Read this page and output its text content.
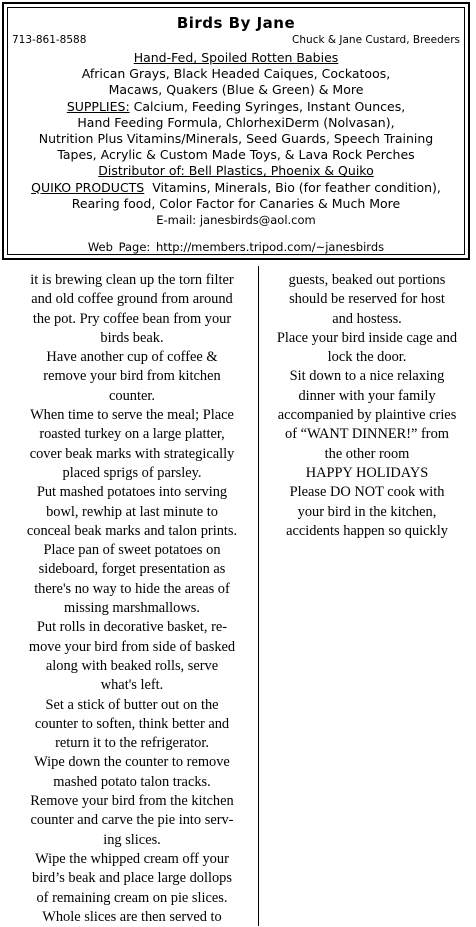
Birds By Jane
713-861-8588	Chuck & Jane Custard, Breeders
Hand-Fed, Spoiled Rotten Babies
African Grays, Black Headed Caiques, Cockatoos,
Macaws, Quakers (Blue & Green) & More
SUPPLIES: Calcium, Feeding Syringes, Instant Ounces,
Hand Feeding Formula, ChlorhexiDerm (Nolvasan),
Nutrition Plus Vitamins/Minerals, Seed Guards, Speech Training
Tapes, Acrylic & Custom Made Toys, & Lava Rock Perches
Distributor of: Bell Plastics, Phoenix & Quiko
QUIKO PRODUCTS  Vitamins, Minerals, Bio (for feather condition),
Rearing food, Color Factor for Canaries & Much More
E-mail: janesbirds@aol.com
Web Page: http://members.tripod.com/~janesbirds
it is brewing clean up the torn filter
and old coffee ground from around
the pot. Pry coffee bean from your
birds beak.
Have another cup of coffee &
remove your bird from kitchen
counter.
When time to serve the meal; Place
roasted turkey on a large platter,
cover beak marks with strategically
placed sprigs of parsley.
Put mashed potatoes into serving
bowl, rewhip at last minute to
conceal beak marks and talon prints.
Place pan of sweet potatoes on
sideboard, forget presentation as
there's no way to hide the areas of
missing marshmallows.
Put rolls in decorative basket, re-
move your bird from side of basked
along with beaked rolls, serve
what's left.
Set a stick of butter out on the
counter to soften, think better and
return it to the refrigerator.
Wipe down the counter to remove
mashed potato talon tracks.
Remove your bird from the kitchen
counter and carve the pie into serv-
ing slices.
Wipe the whipped cream off your
bird’s beak and place large dollops
of remaining cream on pie slices.
Whole slices are then served to
guests, beaked out portions
should be reserved for host
and hostess.
Place your bird inside cage and
lock the door.
Sit down to a nice relaxing
dinner with your family
accompanied by plaintive cries
of “WANT DINNER!” from
the other room
HAPPY HOLIDAYS
Please DO NOT cook with
your bird in the kitchen,
accidents happen so quickly
